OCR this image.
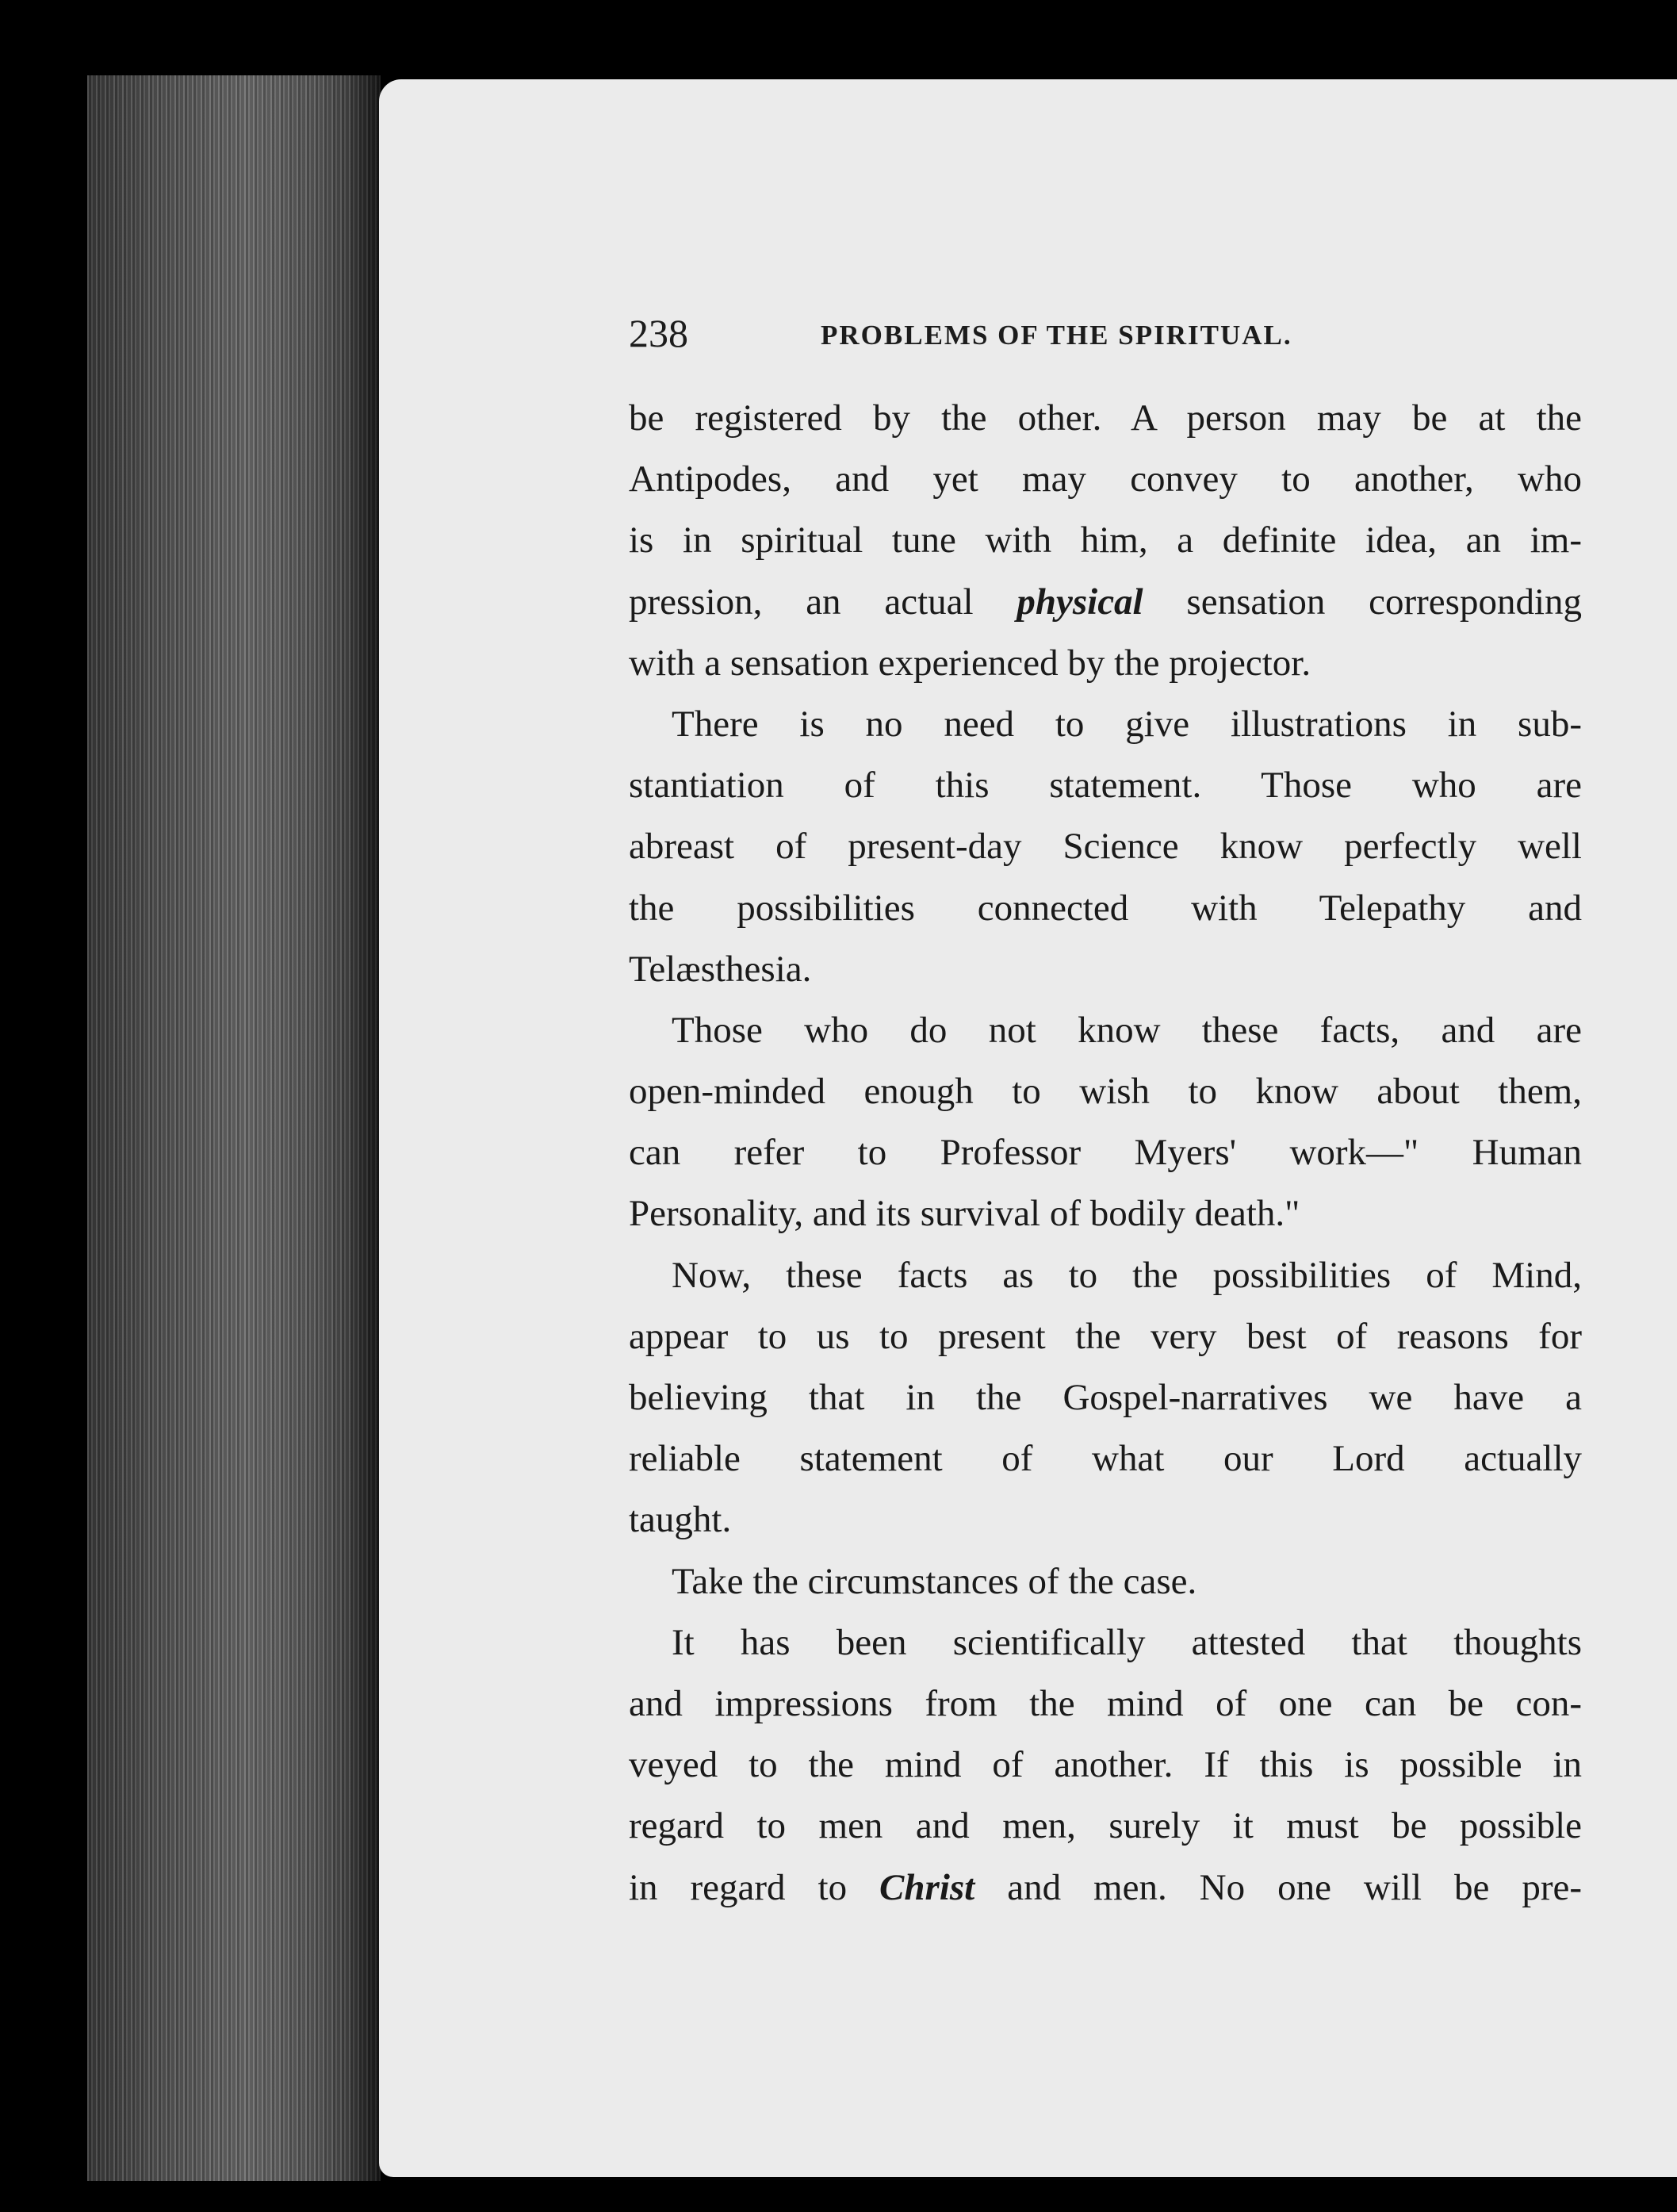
238	PROBLEMS OF THE SPIRITUAL.

be registered by the other. A person may be at the
Antipodes, and yet may convey to another, who
is in spiritual tune with him, a definite idea, an im-
pression, an actual physical sensation corresponding
with a sensation experienced by the projector.

There is no need to give illustrations in sub-
stantiation of this statement. Those who are
abreast of present-day Science know perfectly well
the possibilities connected with Telepathy and
Telæsthesia.

Those who do not know these facts, and are
open-minded enough to wish to know about them,
can refer to Professor Myers' work—" Human
Personality, and its survival of bodily death."

Now, these facts as to the possibilities of Mind,
appear to us to present the very best of reasons for
believing that in the Gospel-narratives we have a
reliable statement of what our Lord actually
taught.

Take the circumstances of the case.

It has been scientifically attested that thoughts
and impressions from the mind of one can be con-
veyed to the mind of another. If this is possible in
regard to men and men, surely it must be possible
in regard to Christ and men. No one will be pre-
